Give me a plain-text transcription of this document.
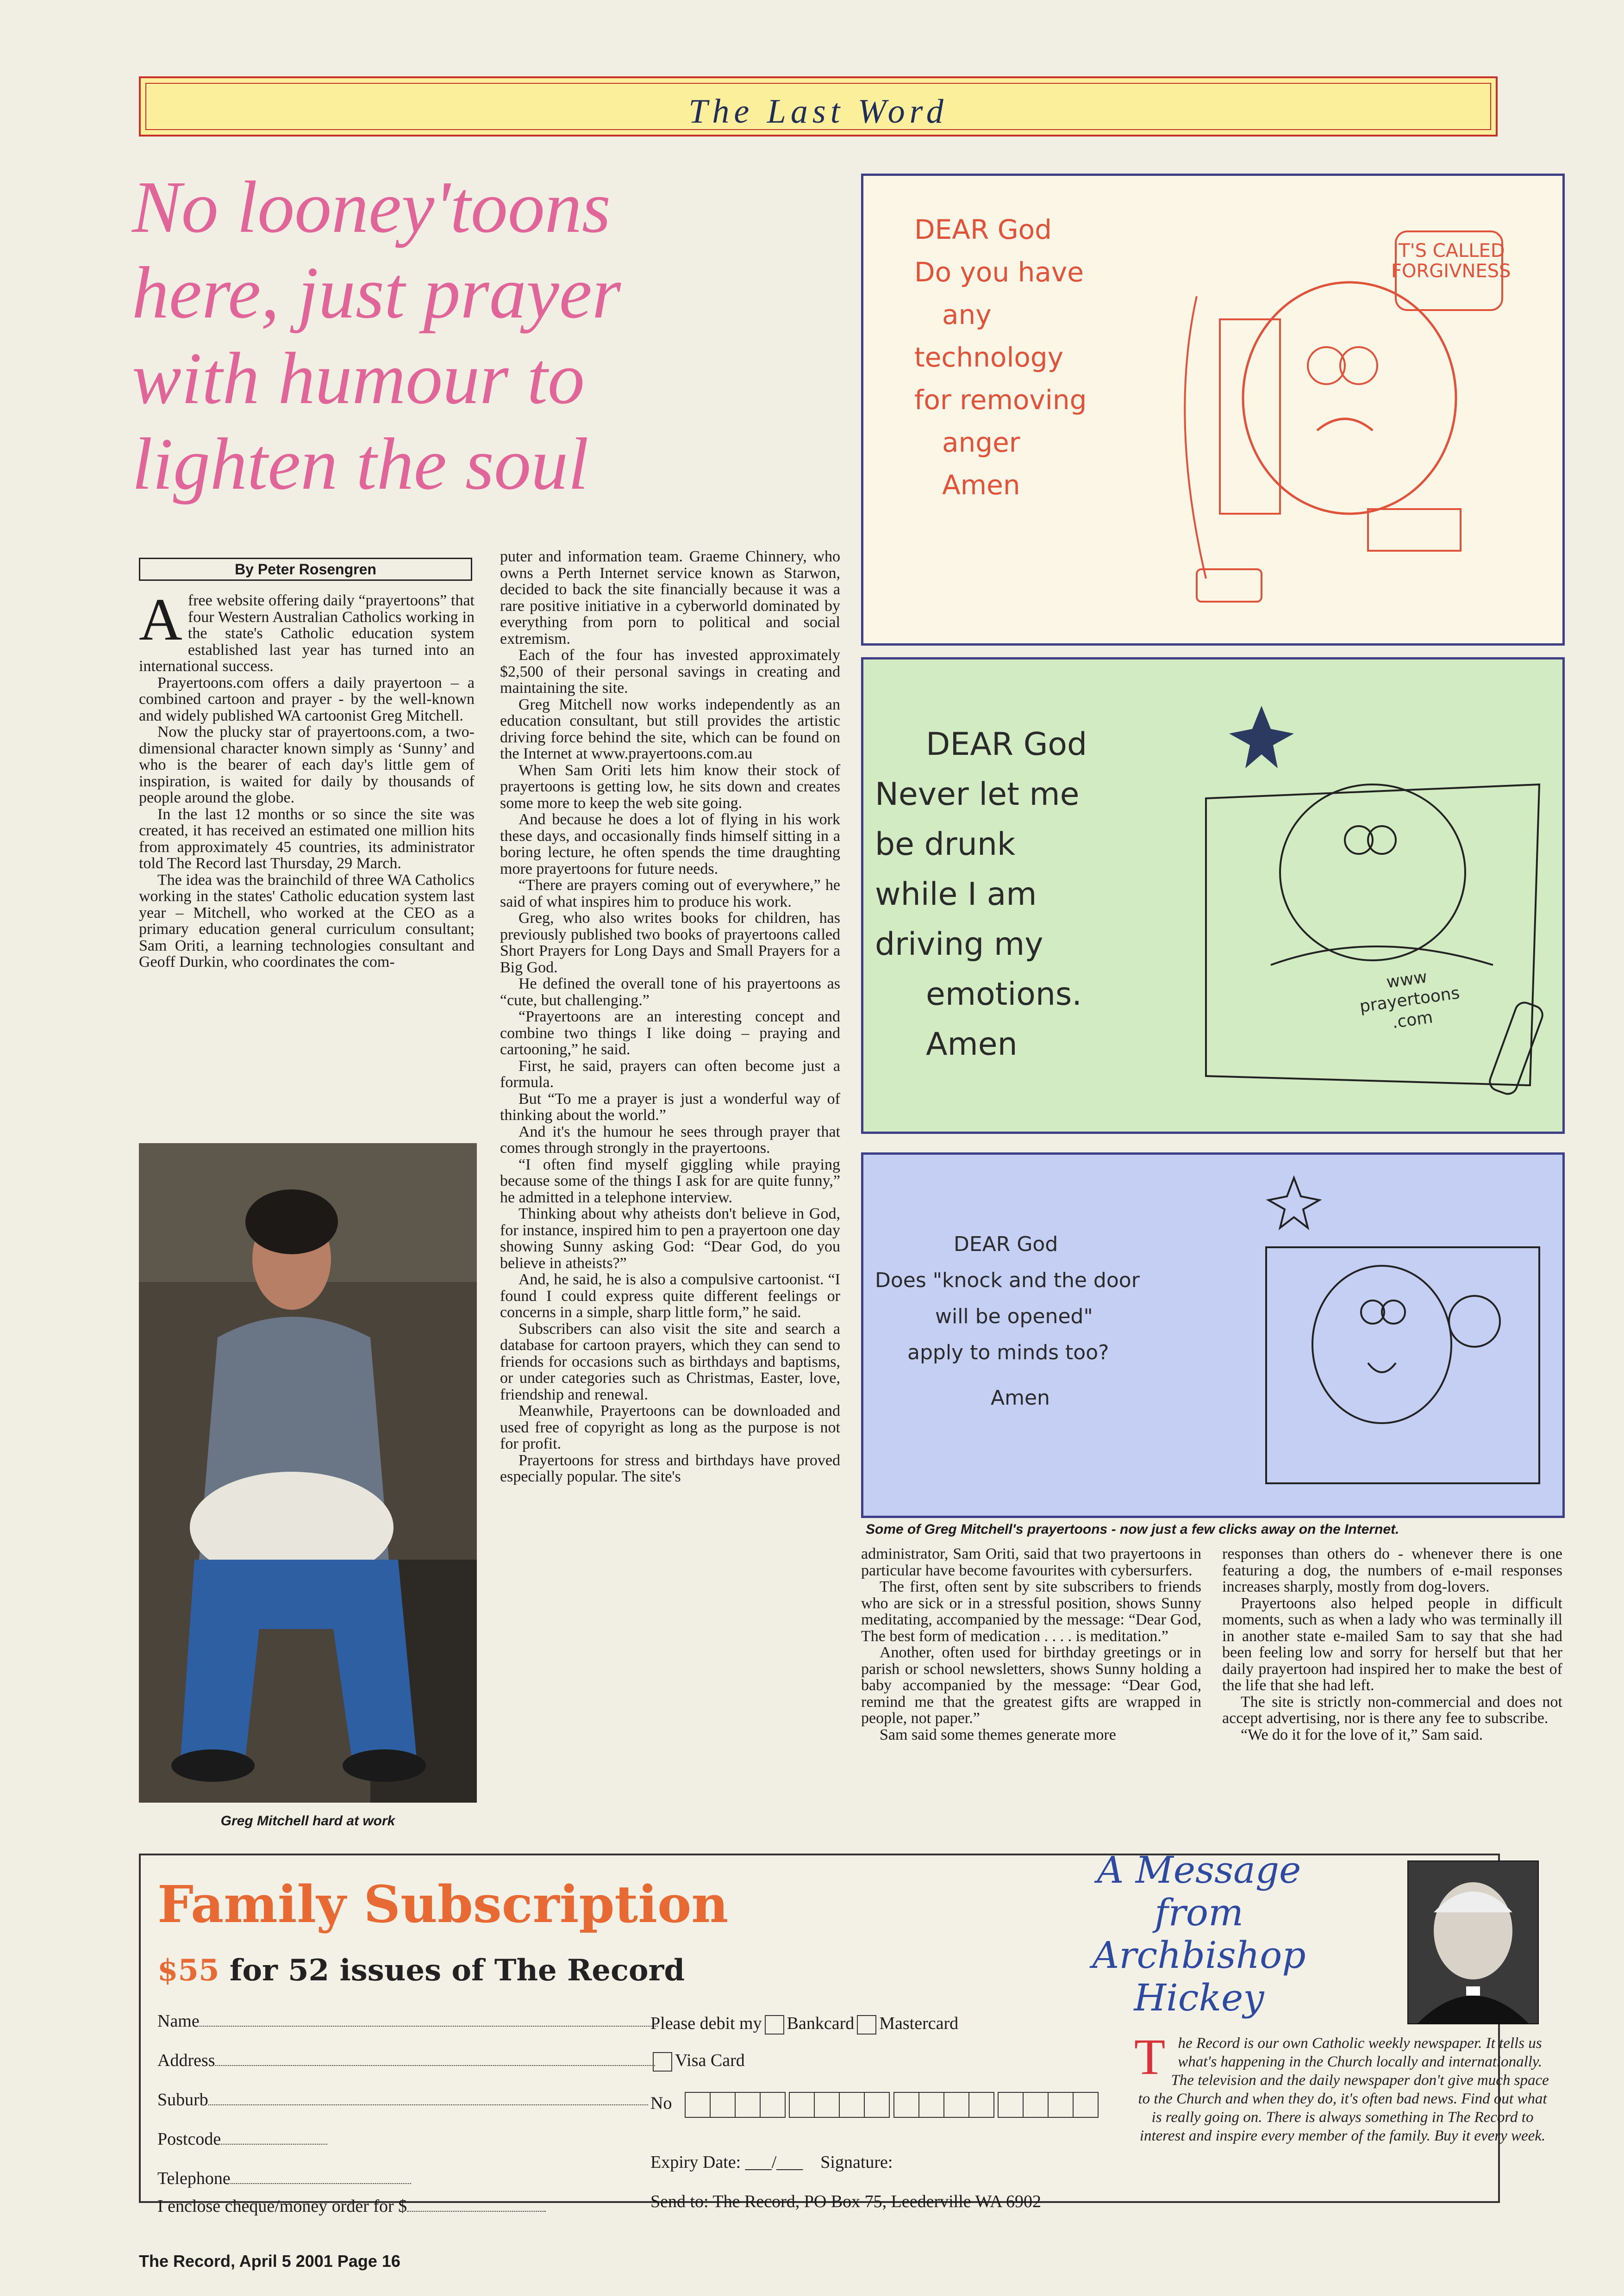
The Last Word
No looney'toons here, just prayer with humour to lighten the soul
By Peter Rosengren

Afree website offering daily “prayertoons” that four Western Australian Catholics working in the state's Catholic education system established last year has turned into an international success.

Prayertoons.com offers a daily prayertoon – a combined cartoon and prayer - by the well-known and widely published WA cartoonist Greg Mitchell.

Now the plucky star of prayertoons.com, a two-dimensional character known simply as ‘Sunny’ and who is the bearer of each day's little gem of inspiration, is waited for daily by thousands of people around the globe.

In the last 12 months or so since the site was created, it has received an estimated one million hits from approximately 45 countries, its administrator told The Record last Thursday, 29 March.

The idea was the brainchild of three WA Catholics working in the states' Catholic education system last year – Mitchell, who worked at the CEO as a primary education general curriculum consultant; Sam Oriti, a learning technologies consultant and Geoff Durkin, who coordinates the com-

Greg Mitchell hard at work

puter and information team. Graeme Chinnery, who owns a Perth Internet service known as Starwon, decided to back the site financially because it was a rare positive initiative in a cyberworld dominated by everything from porn to political and social extremism.

Each of the four has invested approximately $2,500 of their personal savings in creating and maintaining the site.

Greg Mitchell now works independently as an education consultant, but still provides the artistic driving force behind the site, which can be found on the Internet at www.prayertoons.com.au

When Sam Oriti lets him know their stock of prayertoons is getting low, he sits down and creates some more to keep the web site going.

And because he does a lot of flying in his work these days, and occasionally finds himself sitting in a boring lecture, he often spends the time draughting more prayertoons for future needs.

“There are prayers coming out of everywhere,” he said of what inspires him to produce his work.

Greg, who also writes books for children, has previously published two books of prayertoons called Short Prayers for Long Days and Small Prayers for a Big God.

He defined the overall tone of his prayertoons as “cute, but challenging.”

“Prayertoons are an interesting concept and combine two things I like doing – praying and cartooning,” he said.

First, he said, prayers can often become just a formula.

But “To me a prayer is just a wonderful way of thinking about the world.”

And it's the humour he sees through prayer that comes through strongly in the prayertoons.

“I often find myself giggling while praying because some of the things I ask for are quite funny,” he admitted in a telephone interview.

Thinking about why atheists don't believe in God, for instance, inspired him to pen a prayertoon one day showing Sunny asking God: “Dear God, do you believe in atheists?”

And, he said, he is also a compulsive cartoonist. “I found I could express quite different feelings or concerns in a simple, sharp little form,” he said.

Subscribers can also visit the site and search a database for cartoon prayers, which they can send to friends for occasions such as birthdays and baptisms, or under categories such as Christmas, Easter, love, friendship and renewal.

Meanwhile, Prayertoons can be downloaded and used free of copyright as long as the purpose is not for profit.

Prayertoons for stress and birthdays have proved especially popular. The site's

DEAR God
Do you have
any
technology
for removing
anger
Amen
IT'S CALLED FORGIVNESS
DEAR God
Never let me
be drunk
while I am
driving my
emotions.
Amen
www prayertoons .com
DEAR God
Does "knock and the door
will be opened"
apply to minds too?
Amen
Some of Greg Mitchell's prayertoons - now just a few clicks away on the Internet.

administrator, Sam Oriti, said that two prayertoons in particular have become favourites with cybersurfers.

The first, often sent by site subscribers to friends who are sick or in a stressful position, shows Sunny meditating, accompanied by the message: “Dear God, The best form of medication . . . . is meditation.”

Another, often used for birthday greetings or in parish or school newsletters, shows Sunny holding a baby accompanied by the message: “Dear God, remind me that the greatest gifts are wrapped in people, not paper.”

Sam said some themes generate more

responses than others do - whenever there is one featuring a dog, the numbers of e-mail responses increases sharply, mostly from dog-lovers.

Prayertoons also helped people in difficult moments, such as when a lady who was terminally ill in another state e-mailed Sam to say that she had been feeling low and sorry for herself but that her daily prayertoon had inspired her to make the best of the life that she had left.

The site is strictly non-commercial and does not accept advertising, nor is there any fee to subscribe.

“We do it for the love of it,” Sam said.

Family Subscription
$55 for 52 issues of The Record
Name
Address
Suburb
Postcode
Telephone
I enclose cheque/money order for $
Please debit my Bankcard Mastercard
Visa Card
No
Expiry Date: ___/___ Signature:
Send to: The Record, PO Box 75, Leederville WA 6902
A Message from Archbishop Hickey
The Record is our own Catholic weekly newspaper. It tells us what's happening in the Church locally and internationally. The television and the daily newspaper don't give much space to the Church and when they do, it's often bad news. Find out what is really going on. There is always something in The Record to interest and inspire every member of the family. Buy it every week.
The Record, April 5 2001 Page 16
